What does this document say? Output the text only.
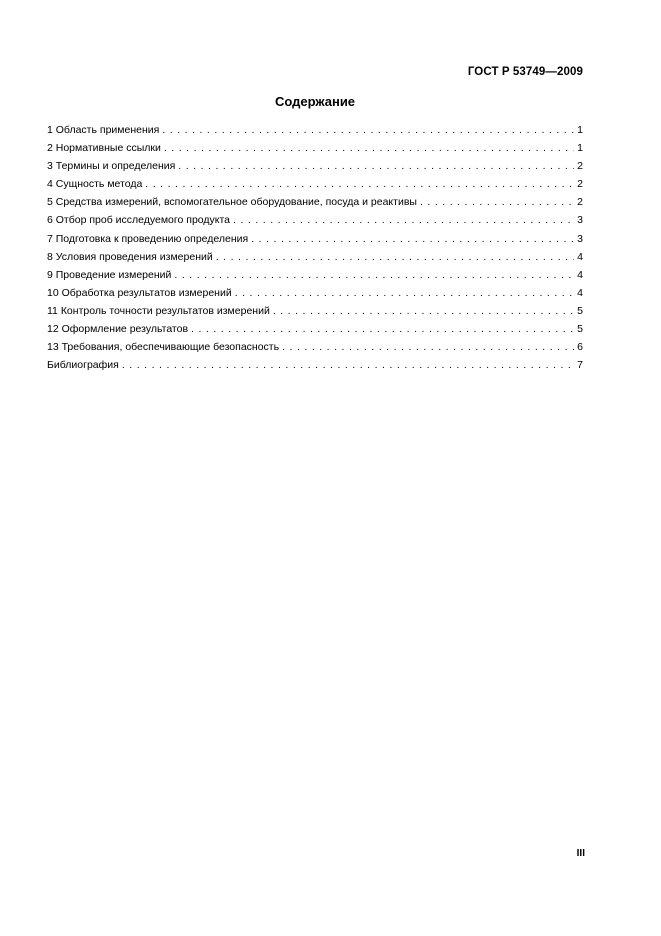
ГОСТ Р 53749—2009
Содержание
1 Область применения . . .	1
2 Нормативные ссылки . . .	1
3 Термины и определения . . .	2
4 Сущность метода . . .	2
5 Средства измерений, вспомогательное оборудование, посуда и реактивы . . .	2
6 Отбор проб исследуемого продукта . . .	3
7 Подготовка к проведению определения . . .	3
8 Условия проведения измерений . . .	4
9 Проведение измерений . . .	4
10 Обработка результатов измерений . . .	4
11 Контроль точности результатов измерений . . .	5
12 Оформление результатов . . .	5
13 Требования, обеспечивающие безопасность . . .	6
Библиография . . .	7
III
